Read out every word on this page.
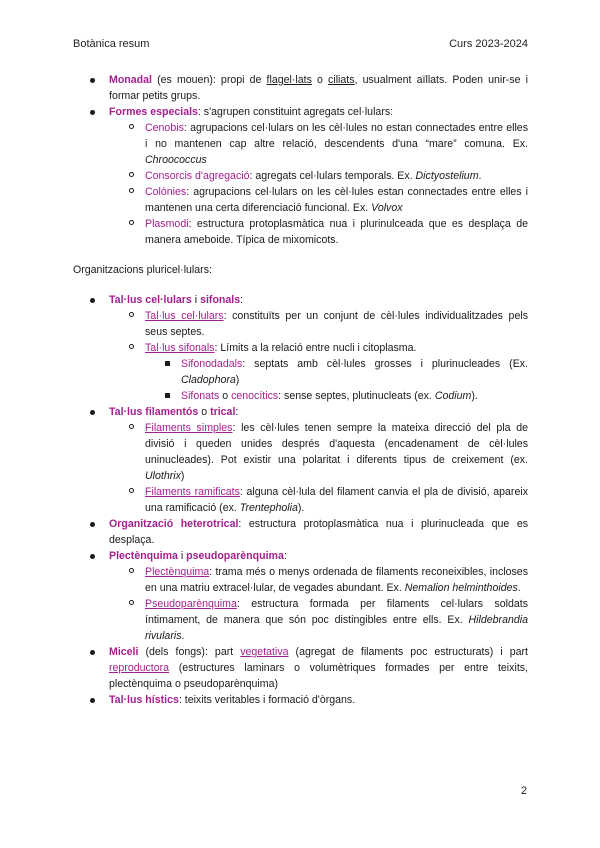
Botànica resum	Curs 2023-2024
Monadal (es mouen): propi de flagel·lats o ciliats, usualment aïllats. Poden unir-se i formar petits grups.
Formes especials: s'agrupen constituint agregats cel·lulars:
Cenobis: agrupacions cel·lulars on les cèl·lules no estan connectades entre elles i no mantenen cap altre relació, descendents d'una “mare” comuna. Ex. Chroococcus
Consorcis d'agregació: agregats cel·lulars temporals. Ex. Dictyostelium.
Colònies: agrupacions cel·lulars on les cèl·lules estan connectades entre elles i mantenen una certa diferenciació funcional. Ex. Volvox
Plasmodi: estructura protoplasmàtica nua i plurinulceada que es desplaça de manera ameboide. Típica de mixomicots.

Organitzacions pluricel·lulars:

Tal·lus cel·lulars i sifonals:
Tal·lus cel·lulars: constituïts per un conjunt de cèl·lules individualitzades pels seus septes.
Tal·lus sifonals: Límits a la relació entre nucli i citoplasma.
Sifonodadals: septats amb cèl·lules grosses i plurinucleades (Ex. Cladophora)
Sifonats o cenocítics: sense septes, plutinucleats (ex. Codium).
Tal·lus filamentós o trical:
Filaments simples: les cèl·lules tenen sempre la mateixa direcció del pla de divisió i queden unides després d'aquesta (encadenament de cèl·lules uninucleades). Pot existir una polaritat i diferents tipus de creixement (ex. Ulothrix)
Filaments ramificats: alguna cèl·lula del filament canvia el pla de divisió, apareix una ramificació (ex. Trentepholia).
Organització heterotrical: estructura protoplasmàtica nua i plurinucleada que es desplaça.
Plectènquima i pseudoparènquima:
Plectènquima: trama més o menys ordenada de filaments reconeixibles, incloses en una matriu extracel·lular, de vegades abundant. Ex. Nemalion helminthoides.
Pseudoparènquima: estructura formada per filaments cel·lulars soldats íntimament, de manera que són poc distingibles entre ells. Ex. Hildebrandia rivularis.
Miceli (dels fongs): part vegetativa (agregat de filaments poc estructurats) i part reproductora (estructures laminars o volumètriques formades per entre teixits, plectènquima o pseudoparènquima)
Tal·lus hístics: teixits veritables i formació d'òrgans.
2
